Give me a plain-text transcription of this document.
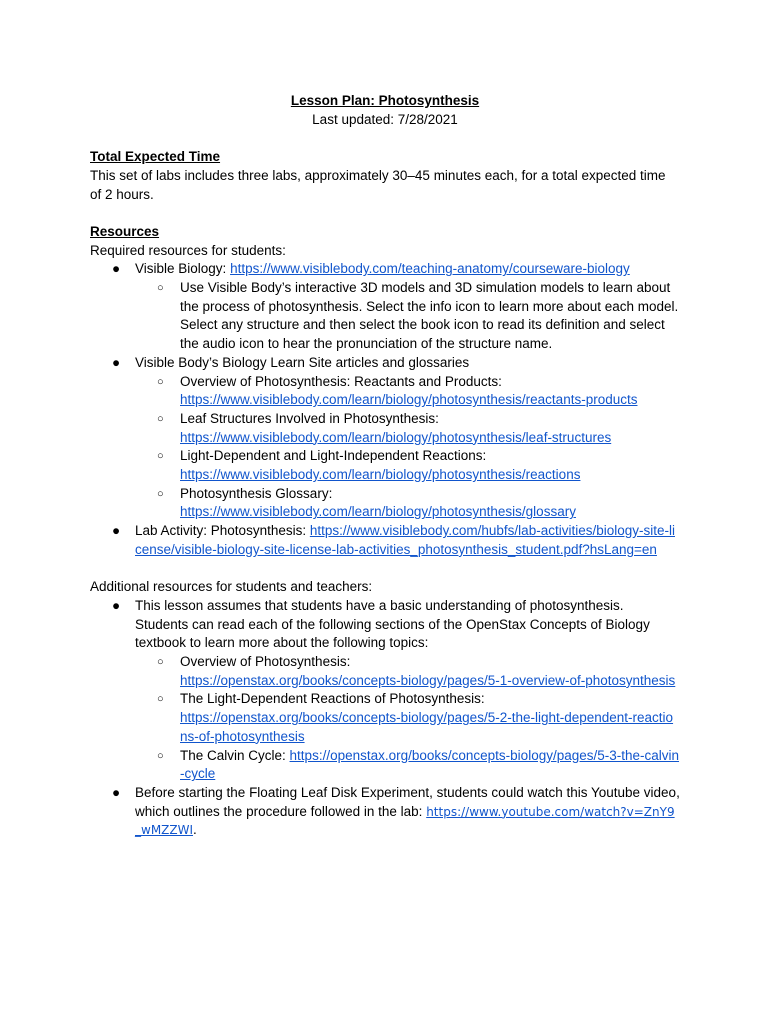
Lesson Plan: Photosynthesis
Last updated: 7/28/2021
Total Expected Time
This set of labs includes three labs, approximately 30–45 minutes each, for a total expected time of 2 hours.
Resources
Required resources for students:
● Visible Biology: https://www.visiblebody.com/teaching-anatomy/courseware-biology
○ Use Visible Body’s interactive 3D models and 3D simulation models to learn about the process of photosynthesis. Select the info icon to learn more about each model. Select any structure and then select the book icon to read its definition and select the audio icon to hear the pronunciation of the structure name.
● Visible Body’s Biology Learn Site articles and glossaries
○ Overview of Photosynthesis: Reactants and Products:
https://www.visiblebody.com/learn/biology/photosynthesis/reactants-products
○ Leaf Structures Involved in Photosynthesis:
https://www.visiblebody.com/learn/biology/photosynthesis/leaf-structures
○ Light-Dependent and Light-Independent Reactions:
https://www.visiblebody.com/learn/biology/photosynthesis/reactions
○ Photosynthesis Glossary:
https://www.visiblebody.com/learn/biology/photosynthesis/glossary
● Lab Activity: Photosynthesis: https://www.visiblebody.com/hubfs/lab-activities/biology-site-license/visible-biology-site-license-lab-activities_photosynthesis_student.pdf?hsLang=en
Additional resources for students and teachers:
● This lesson assumes that students have a basic understanding of photosynthesis. Students can read each of the following sections of the OpenStax Concepts of Biology textbook to learn more about the following topics:
○ Overview of Photosynthesis:
https://openstax.org/books/concepts-biology/pages/5-1-overview-of-photosynthesis
○ The Light-Dependent Reactions of Photosynthesis:
https://openstax.org/books/concepts-biology/pages/5-2-the-light-dependent-reactions-of-photosynthesis
○ The Calvin Cycle: https://openstax.org/books/concepts-biology/pages/5-3-the-calvin-cycle
● Before starting the Floating Leaf Disk Experiment, students could watch this Youtube video, which outlines the procedure followed in the lab: https://www.youtube.com/watch?v=ZnY9_wMZZWI.
